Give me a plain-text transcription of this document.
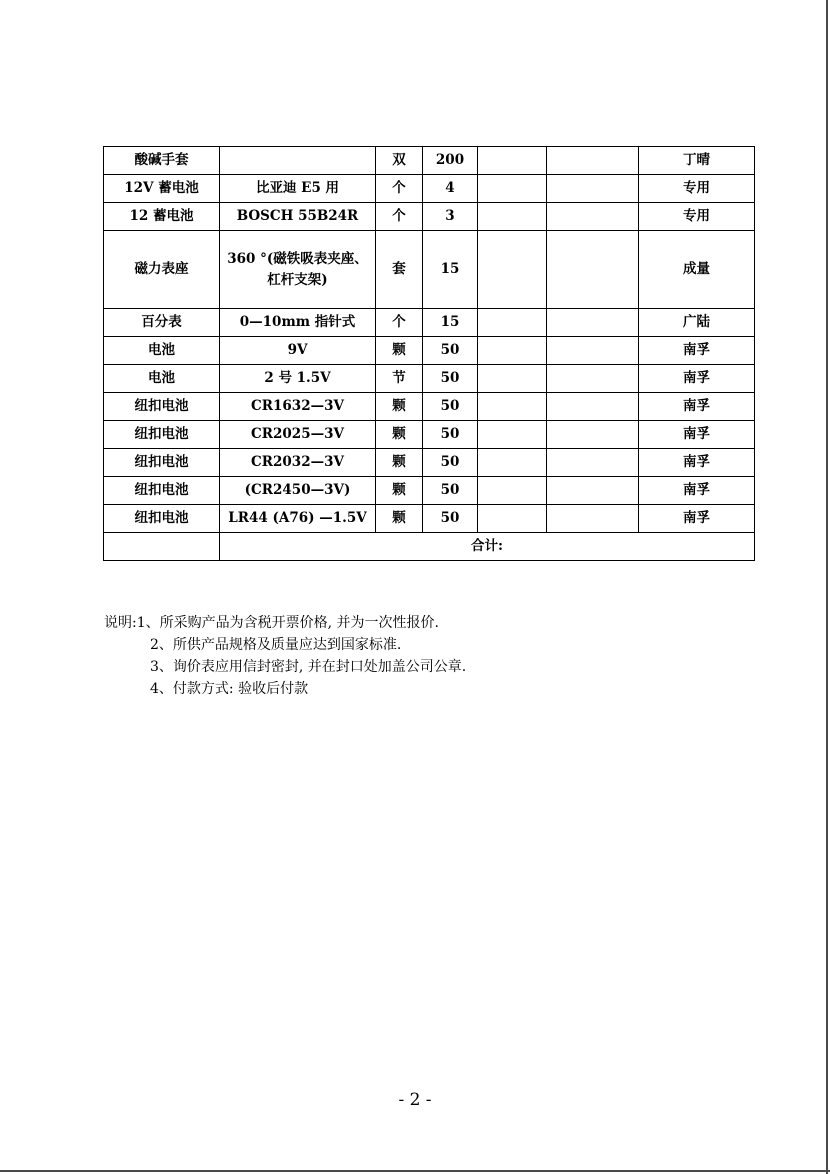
酸碱手套		双	200			丁晴
12V 蓄电池	比亚迪 E5 用	个	4			专用
12 蓄电池	BOSCH 55B24R	个	3			专用
磁力表座	360 °(磁铁吸表夹座、杠杆支架)	套	15			成量
百分表	0—10mm 指针式	个	15			广陆
电池	9V	颗	50			南孚
电池	2 号 1.5V	节	50			南孚
纽扣电池	CR1632—3V	颗	50			南孚
纽扣电池	CR2025—3V	颗	50			南孚
纽扣电池	CR2032—3V	颗	50			南孚
纽扣电池	(CR2450—3V)	颗	50			南孚
纽扣电池	LR44 (A76) —1.5V	颗	50			南孚
	合计:					
说明:1、所采购产品为含税开票价格, 并为一次性报价.
2、所供产品规格及质量应达到国家标准.
3、询价表应用信封密封, 并在封口处加盖公司公章.
4、付款方式: 验收后付款
- 2 -
